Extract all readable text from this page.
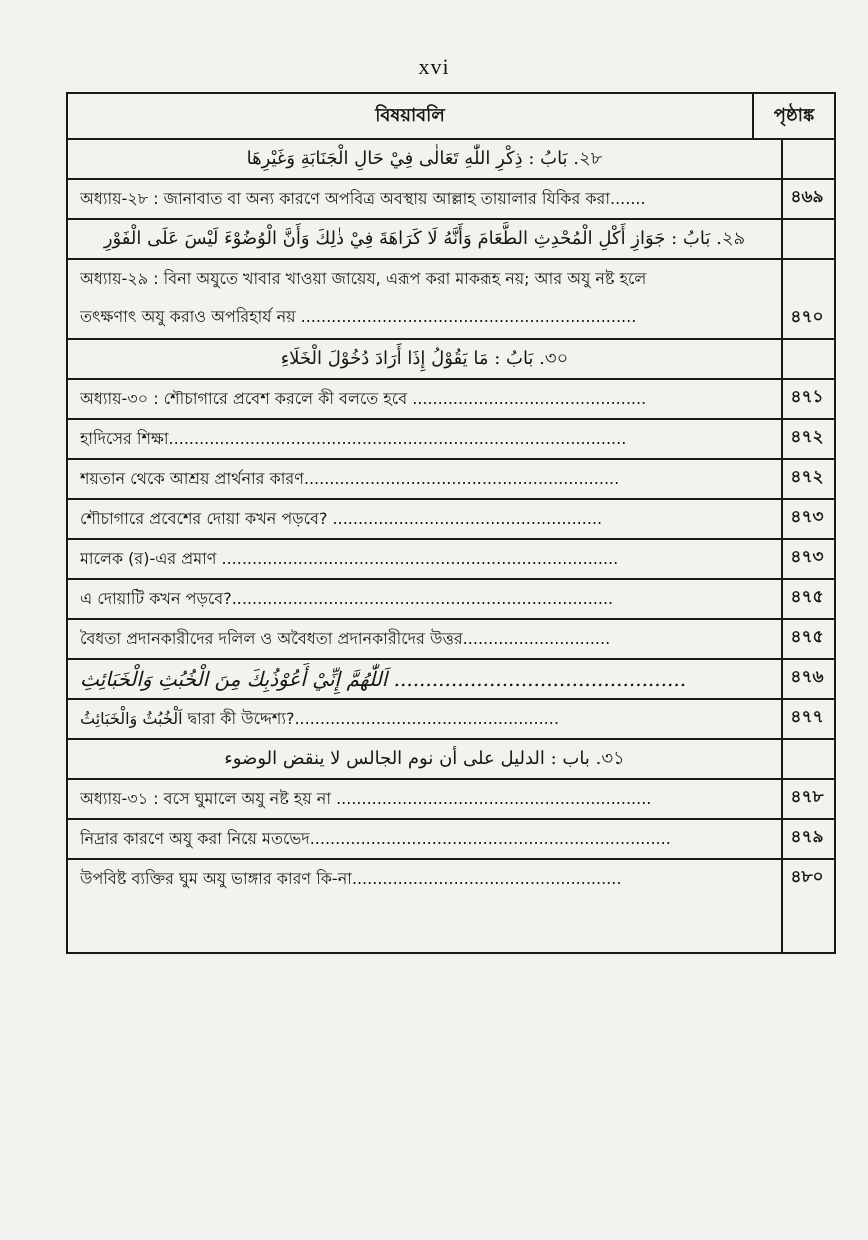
xvi
বিষয়াবলি	পৃষ্ঠাঙ্ক
২৮. بَابُ : ذِكْرِ اللّٰهِ تَعَالٰى فِيْ حَالِ الْجَنَابَةِ وَغَيْرِهَا
অধ্যায়-২৮ : জানাবাত বা অন্য কারণে অপবিত্র অবস্থায় আল্লাহ তায়ালার যিকির করা.......	৪৬৯
২৯. بَابُ : جَوَازِ أَكْلِ الْمُحْدِثِ الطَّعَامَ وَأَنَّهُ لَا كَرَاهَةَ فِيْ ذٰلِكَ وَأَنَّ الْوُضُوْءَ لَيْسَ عَلَى الْفَوْرِ
অধ্যায়-২৯ : বিনা অযুতে খাবার খাওয়া জায়েয, এরূপ করা মাকরূহ নয়; আর অযু নষ্ট হলে
তৎক্ষণাৎ অযু করাও অপরিহার্য নয় ..................................................................	৪৭০
৩০. بَابُ : مَا يَقُوْلُ إِذَا أَرَادَ دُخُوْلَ الْخَلَاءِ
অধ্যায়-৩০ : শৌচাগারে প্রবেশ করলে কী বলতে হবে ..............................................	৪৭১
হাদিসের শিক্ষা..........................................................................................	৪৭২
শয়তান থেকে আশ্রয় প্রার্থনার কারণ..............................................................	৪৭২
শৌচাগারে প্রবেশের দোয়া কখন পড়বে? .....................................................	৪৭৩
মালেক (র)-এর প্রমাণ ..............................................................................	৪৭৩
এ দোয়াটি কখন পড়বে?...........................................................................	৪৭৫
বৈধতা প্রদানকারীদের দলিল ও অবৈধতা প্রদানকারীদের উত্তর.............................	৪৭৫
اَللّٰهُمَّ إِنِّيْ أَعُوْذُبِكَ مِنَ الْخُبُثِ وَالْخَبَائِثِ ..............................................	৪৭৬
اَلْخُبُثُ وَالْخَبَائِثُ দ্বারা কী উদ্দেশ্য?....................................................	৪৭৭
৩১. باب : الدليل على أن نوم الجالس لا ينقض الوضوء
অধ্যায়-৩১ : বসে ঘুমালে অযু নষ্ট হয় না ..............................................................	৪৭৮
নিদ্রার কারণে অযু করা নিয়ে মতভেদ.......................................................................	৪৭৯
উপবিষ্ট ব্যক্তির ঘুম অযু ভাঙ্গার কারণ কি-না.....................................................	৪৮০
